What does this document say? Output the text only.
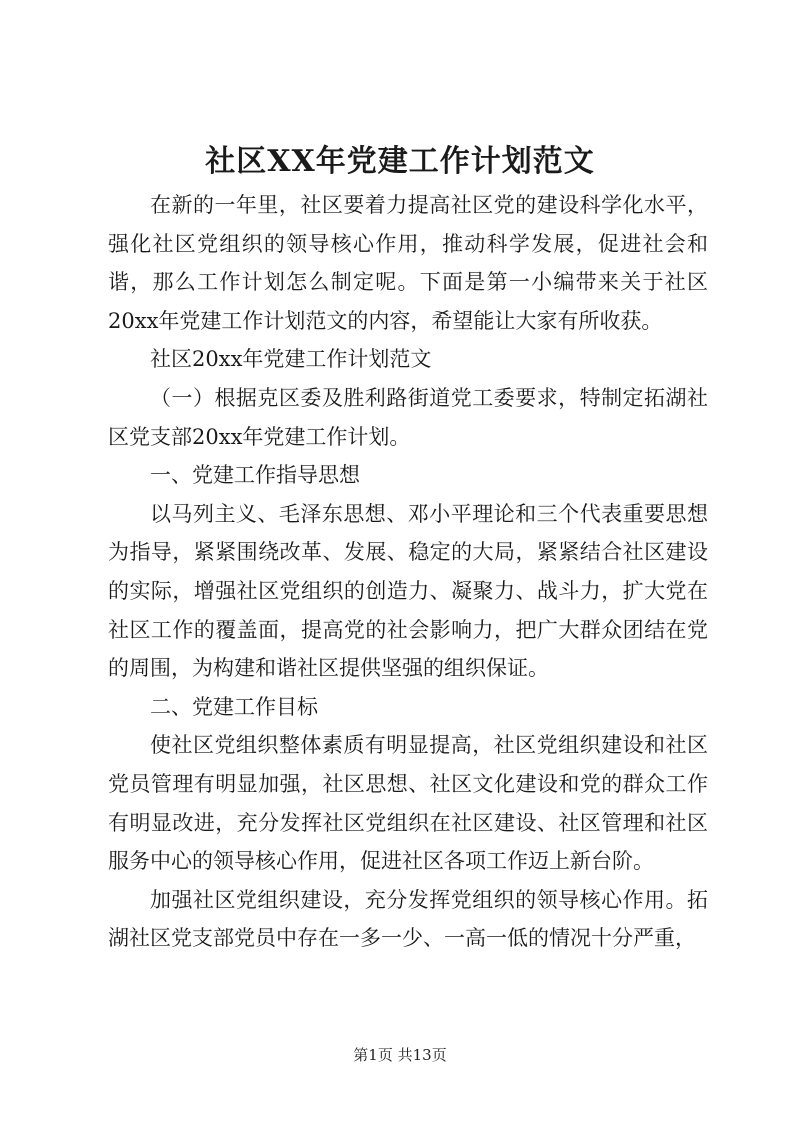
社区XX年党建工作计划范文

在新的一年里，社区要着力提高社区党的建设科学化水平，强化社区党组织的领导核心作用，推动科学发展，促进社会和谐，那么工作计划怎么制定呢。下面是第一小编带来关于社区20xx年党建工作计划范文的内容，希望能让大家有所收获。

社区20xx年党建工作计划范文

（一）根据克区委及胜利路街道党工委要求，特制定拓湖社区党支部20xx年党建工作计划。

一、党建工作指导思想

以马列主义、毛泽东思想、邓小平理论和三个代表重要思想为指导，紧紧围绕改革、发展、稳定的大局，紧紧结合社区建设的实际，增强社区党组织的创造力、凝聚力、战斗力，扩大党在社区工作的覆盖面，提高党的社会影响力，把广大群众团结在党的周围，为构建和谐社区提供坚强的组织保证。

二、党建工作目标

使社区党组织整体素质有明显提高，社区党组织建设和社区党员管理有明显加强，社区思想、社区文化建设和党的群众工作有明显改进，充分发挥社区党组织在社区建设、社区管理和社区服务中心的领导核心作用，促进社区各项工作迈上新台阶。

加强社区党组织建设，充分发挥党组织的领导核心作用。拓湖社区党支部党员中存在一多一少、一高一低的情况十分严重，

第1页 共13页
